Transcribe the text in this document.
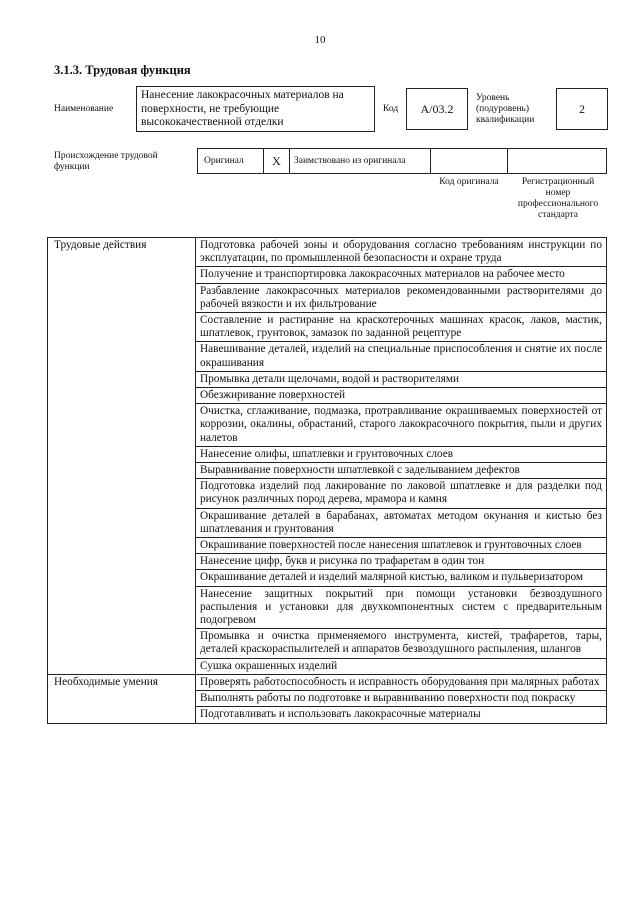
10
3.1.3. Трудовая функция
Наименование
Нанесение лакокрасочных материалов на поверхности, не требующие высококачественной отделки
Код A/03.2
Уровень (подуровень) квалификации
2
Происхождение трудовой функции
Оригинал X Заимствовано из оригинала
Код оригинала	Регистрационный номер профессионального стандарта
Трудовые действия	Подготовка рабочей зоны и оборудования согласно требованиям инструкции по эксплуатации, по промышленной безопасности и охране труда
	Получение и транспортировка лакокрасочных материалов на рабочее место
	Разбавление лакокрасочных материалов рекомендованными растворителями до рабочей вязкости и их фильтрование
	Составление и растирание на краскотерочных машинах красок, лаков, мастик, шпатлевок, грунтовок, замазок по заданной рецептуре
	Навешивание деталей, изделий на специальные приспособления и снятие их после окрашивания
	Промывка детали щелочами, водой и растворителями
	Обезжиривание поверхностей
	Очистка, сглаживание, подмазка, протравливание окрашиваемых поверхностей от коррозии, окалины, обрастаний, старого лакокрасочного покрытия, пыли и других налетов
	Нанесение олифы, шпатлевки и грунтовочных слоев
	Выравнивание поверхности шпатлевкой с заделыванием дефектов
	Подготовка изделий под лакирование по лаковой шпатлевке и для разделки под рисунок различных пород дерева, мрамора и камня
	Окрашивание деталей в барабанах, автоматах методом окунания и кистью без шпатлевания и грунтования
	Окрашивание поверхностей после нанесения шпатлевок и грунтовочных слоев
	Нанесение цифр, букв и рисунка по трафаретам в один тон
	Окрашивание деталей и изделий малярной кистью, валиком и пульверизатором
	Нанесение защитных покрытий при помощи установки безвоздушного распыления и установки для двухкомпонентных систем с предварительным подогревом
	Промывка и очистка применяемого инструмента, кистей, трафаретов, тары, деталей краскораспылителей и аппаратов безвоздушного распыления, шлангов
	Сушка окрашенных изделий
Необходимые умения	Проверять работоспособность и исправность оборудования при малярных работах
	Выполнять работы по подготовке и выравниванию поверхности под покраску
	Подготавливать и использовать лакокрасочные материалы
